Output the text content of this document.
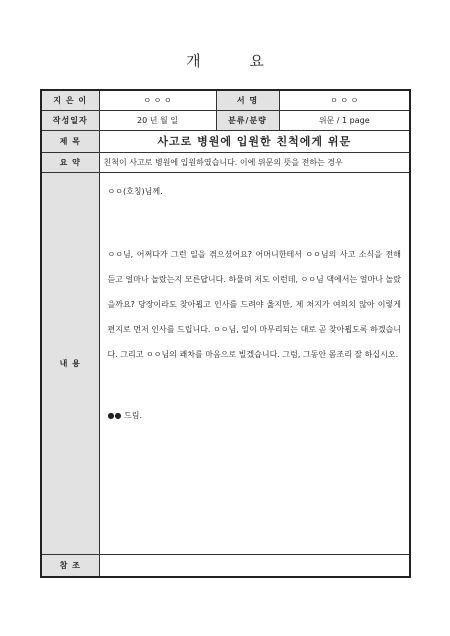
개 요
지 은 이	ㅇ ㅇ ㅇ	서 명	ㅇ ㅇ ㅇ
작성일자	20 년 월 일	분류/분량	위문 / 1 page
제 목	사고로 병원에 입원한 친척에게 위문		
요 약	친척이 사고로 병원에 입원하였습니다. 이에 위문의 뜻을 전하는 경우		
내 용	ㅇㅇ(호칭)님께.

ㅇㅇ님, 어쩌다가 그런 일을 겪으셨어요? 어머니한테서 ㅇㅇ님의 사고 소식을 전해 듣고 얼마나 놀랐는지 모른답니다. 하물며 저도 이런데, ㅇㅇ님 댁에서는 얼마나 놀랐을까요? 당장이라도 찾아뵙고 인사를 드려야 옳지만, 제 처지가 여의치 않아 이렇게 편지로 먼저 인사를 드립니다. ㅇㅇ님, 일이 마무리되는 대로 곧 찾아뵙도록 하겠습니다. 그리고 ㅇㅇ님의 쾌차를 마음으로 빌겠습니다. 그럼, 그동안 몸조리 잘 하십시오.

●● 드림.		

참 조			
